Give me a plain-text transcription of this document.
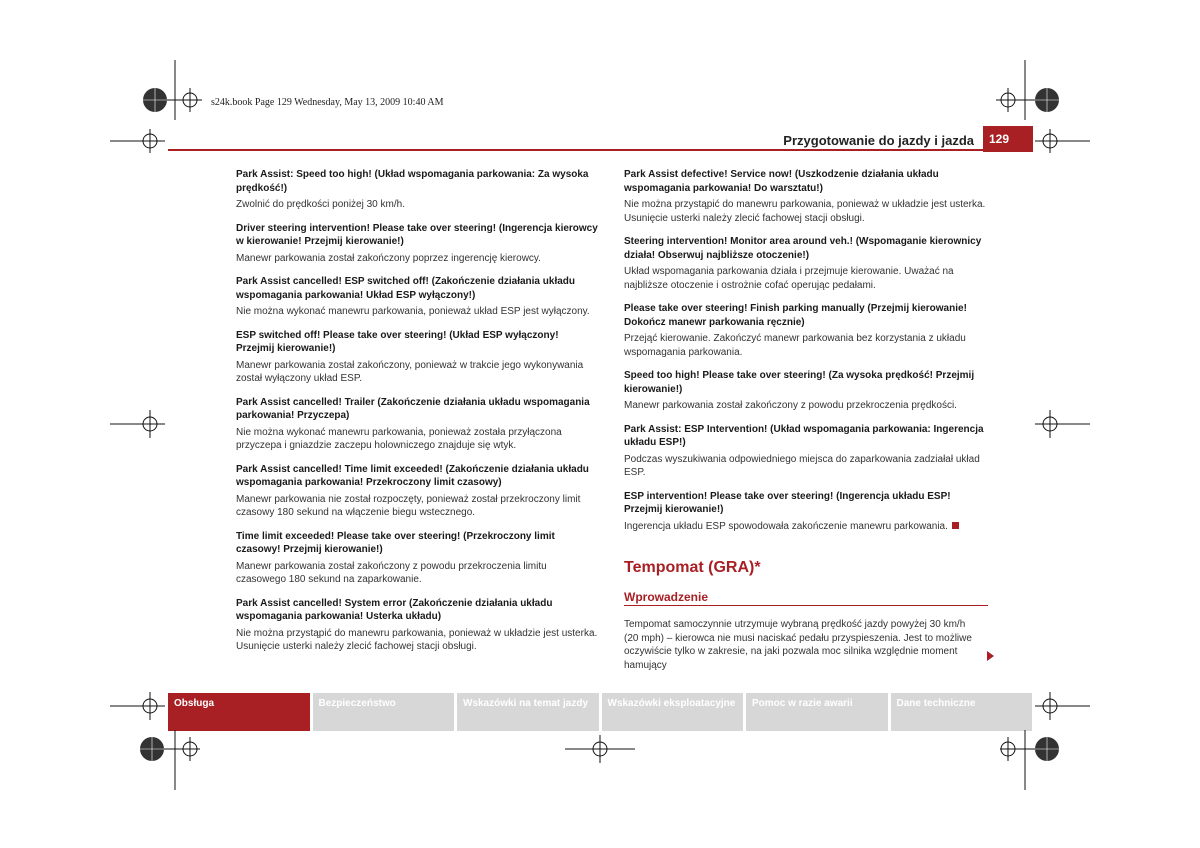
s24k.book Page 129 Wednesday, May 13, 2009 10:40 AM
Przygotowanie do jazdy i jazda	129

Park Assist: Speed too high! (Układ wspomagania parkowania: Za wysoka prędkość!)

Zwolnić do prędkości poniżej 30 km/h.

Driver steering intervention! Please take over steering! (Ingerencja kierowcy w kierowanie! Przejmij kierowanie!)

Manewr parkowania został zakończony poprzez ingerencję kierowcy.

Park Assist cancelled! ESP switched off! (Zakończenie działania układu wspomagania parkowania! Układ ESP wyłączony!)

Nie można wykonać manewru parkowania, ponieważ układ ESP jest wyłączony.

ESP switched off! Please take over steering! (Układ ESP wyłączony! Przejmij kierowanie!)

Manewr parkowania został zakończony, ponieważ w trakcie jego wykonywania został wyłączony układ ESP.

Park Assist cancelled! Trailer (Zakończenie działania układu wspomagania parkowania! Przyczepa)

Nie można wykonać manewru parkowania, ponieważ została przyłączona przyczepa i gniazdzie zaczepu holowniczego znajduje się wtyk.

Park Assist cancelled! Time limit exceeded! (Zakończenie działania układu wspomagania parkowania! Przekroczony limit czasowy)

Manewr parkowania nie został rozpoczęty, ponieważ został przekroczony limit czasowy 180 sekund na włączenie biegu wstecznego.

Time limit exceeded! Please take over steering! (Przekroczony limit czasowy! Przejmij kierowanie!)

Manewr parkowania został zakończony z powodu przekroczenia limitu czasowego 180 sekund na zaparkowanie.

Park Assist cancelled! System error (Zakończenie działania układu wspomagania parkowania! Usterka układu)

Nie można przystąpić do manewru parkowania, ponieważ w układzie jest usterka. Usunięcie usterki należy zlecić fachowej stacji obsługi.

Park Assist defective! Service now! (Uszkodzenie działania układu wspomagania parkowania! Do warsztatu!)

Nie można przystąpić do manewru parkowania, ponieważ w układzie jest usterka. Usunięcie usterki należy zlecić fachowej stacji obsługi.

Steering intervention! Monitor area around veh.! (Wspomaganie kierownicy działa! Obserwuj najbliższe otoczenie!)

Układ wspomagania parkowania działa i przejmuje kierowanie. Uważać na najbliższe otoczenie i ostrożnie cofać operując pedałami.

Please take over steering! Finish parking manually (Przejmij kierowanie! Dokończ manewr parkowania ręcznie)

Przejąć kierowanie. Zakończyć manewr parkowania bez korzystania z układu wspomagania parkowania.

Speed too high! Please take over steering! (Za wysoka prędkość! Przejmij kierowanie!)

Manewr parkowania został zakończony z powodu przekroczenia prędkości.

Park Assist: ESP Intervention! (Układ wspomagania parkowania: Ingerencja układu ESP!)

Podczas wyszukiwania odpowiedniego miejsca do zaparkowania zadziałał układ ESP.

ESP intervention! Please take over steering! (Ingerencja układu ESP! Przejmij kierowanie!)

Ingerencja układu ESP spowodowała zakończenie manewru parkowania.

Tempomat (GRA)*
Wprowadzenie

Tempomat samoczynnie utrzymuje wybraną prędkość jazdy powyżej 30 km/h (20 mph) – kierowca nie musi naciskać pedału przyspieszenia. Jest to możliwe oczywiście tylko w zakresie, na jaki pozwala moc silnika względnie moment hamujący

Obsługa	Bezpieczeństwo	Wskazówki na temat jazdy	Wskazówki eksploatacyjne	Pomoc w razie awarii	Dane techniczne
